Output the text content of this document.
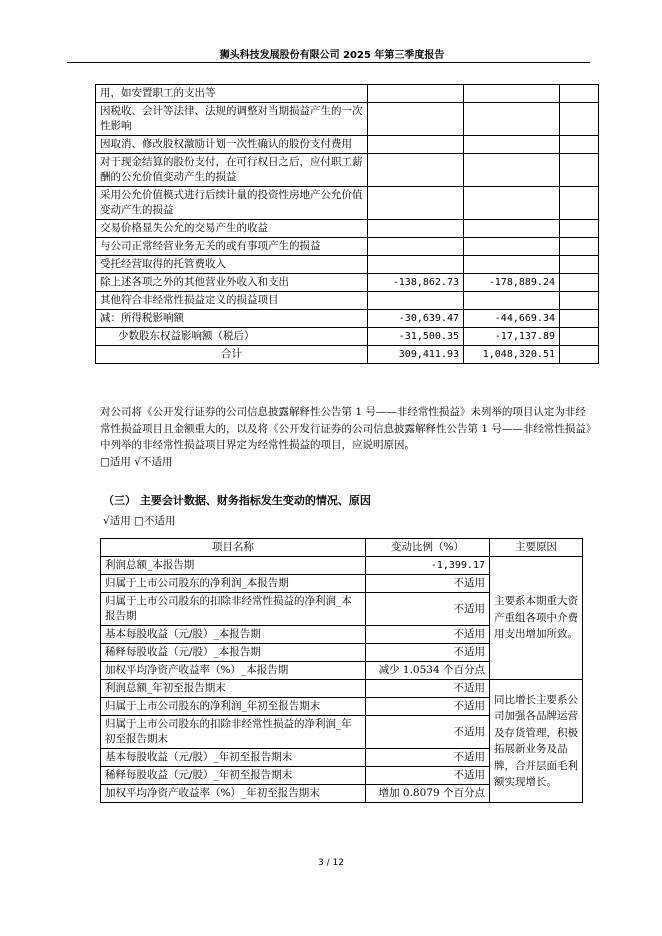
狮头科技发展股份有限公司 2025 年第三季度报告
用，如安置职工的支出等			
因税收、会计等法律、法规的调整对当期损益产生的一次性影响			
因取消、修改股权激励计划一次性确认的股份支付费用			
对于现金结算的股份支付，在可行权日之后，应付职工薪酬的公允价值变动产生的损益			
采用公允价值模式进行后续计量的投资性房地产公允价值变动产生的损益			
交易价格显失公允的交易产生的收益			
与公司正常经营业务无关的或有事项产生的损益			
受托经营取得的托管费收入			
除上述各项之外的其他营业外收入和支出	-138,862.73	-178,889.24	
其他符合非经常性损益定义的损益项目			
减：所得税影响额	-30,639.47	-44,669.34	
少数股东权益影响额（税后）	-31,500.35	-17,137.89	
合计	309,411.93	1,048,320.51	
对公司将《公开发行证券的公司信息披露解释性公告第 1 号——非经常性损益》未列举的项目认定为非经常性损益项目且金额重大的，以及将《公开发行证券的公司信息披露解释性公告第 1 号——非经常性损益》中列举的非经常性损益项目界定为经常性损益的项目，应说明原因。
□适用 √不适用
（三） 主要会计数据、财务指标发生变动的情况、原因
√适用 □不适用
项目名称	变动比例（%）	主要原因
利润总额_本报告期	-1,399.17	主要系本期重大资产重组各项中介费用支出增加所致。
归属于上市公司股东的净利润_本报告期	不适用	
归属于上市公司股东的扣除非经常性损益的净利润_本报告期	不适用	
基本每股收益（元/股）_本报告期	不适用	
稀释每股收益（元/股）_本报告期	不适用	
加权平均净资产收益率（%）_本报告期	减少 1.0534 个百分点	
利润总额_年初至报告期末	不适用	同比增长主要系公司加强各品牌运营及存货管理，积极拓展新业务及品牌，合并层面毛利额实现增长。
归属于上市公司股东的净利润_年初至报告期末	不适用	
归属于上市公司股东的扣除非经常性损益的净利润_年初至报告期末	不适用	
基本每股收益（元/股）_年初至报告期末	不适用	
稀释每股收益（元/股）_年初至报告期末	不适用	
加权平均净资产收益率（%）_年初至报告期末	增加 0.8079 个百分点	
3 / 12
